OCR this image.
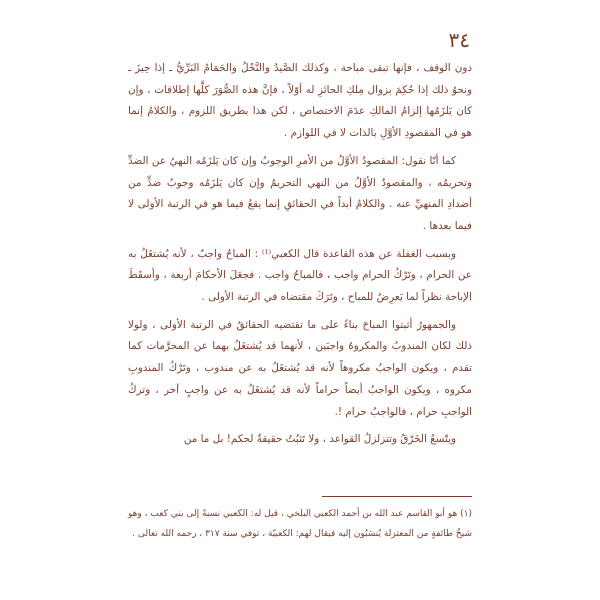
٣٤

دون الوقف ، فإنها تبقى مباحة ، وكذلك الصَّيدُ والنَّحْلُ والحَمَامُ البَرِّيُّ ـ إذا حِيزَ ـ ونحوُ ذلك إذا حُكِمَ بزوال مِلكِ الحائزِ له أوّلاً ، فإنَّ هذه الصُّوَرَ كلَّها إطلاقات ، وإن كان يَلزَمُها إلزامُ المالكِ عدَمَ الاختصاص ، لكن هذا بطريق اللزوم ، والكلامُ إنما هو في المقصودِ الأوَّلِ بالذات لا في اللوازم .

كما أنّا نقول: المقصودُ الأوَّلُ من الأمرِ الوجوبُ وإن كان يَلزَمُه النهيُ عن الضدِّ وتحريمُه ، والمقصودُ الأوَّلُ من النهي التحريمُ وإن كان يَلزَمُه وجوبُ ضدٍّ من أضدادِ المنهيِّ عنه . والكلامُ أبداً في الحقائقِ إنما يقعُ فيما هو في الرتبة الأولى لا فيما بعدها .

وبسبب الغفلة عن هذه القاعدة قال الكعبي⁽¹⁾ : المباحُ واجبٌ ، لأنه يُشتغَلُ به عن الحرام ، وتَرْكُ الحرام واجب ، فالمباحُ واجب . فجعَلَ الأحكامَ أربعة ، وأسقَطَ الإباحة نظراً لما يَعرِضُ للمباح ، وتَرَكَ مقتضاه في الرتبة الأولى .

والجمهورُ أثبتوا المباحَ بناءً على ما تقتضيه الحقائقُ في الرتبة الأولى ، ولولا ذلك لكان المندوبُ والمكروهُ واجبَين ، لأنهما قد يُشتغَلُ بهما عن المحرَّمات كما تقدم ، ويكون الواجبُ مكروهاً لأنه قد يُشتغَلُ به عن مندوب ، وتَرْكُ المندوبِ مكروه ، ويكون الواجبُ أيضاً حراماً لأنه قد يُشتغَلُ به عن واجبٍ آخر ، وتركُ الواجبِ حرام ، فالواجبُ حرام !.

ويتّسعُ الخَرْقُ وتتزلزلُ القواعد ، ولا تَثبُتُ حقيقةٌ لحكم! بل ما من

(١) هو أبو القاسم عبد الله بن أحمد الكعبي البلخي ، قيل له: الكعبي نسبةً إلى بني كعب ، وهو شيخُ طائفةٍ من المعتزلة يُنسَبُون إليه فيقال لهم: الكعبيّة ، توفي سنة ٣١٧ ، رحمه الله تعالى .
